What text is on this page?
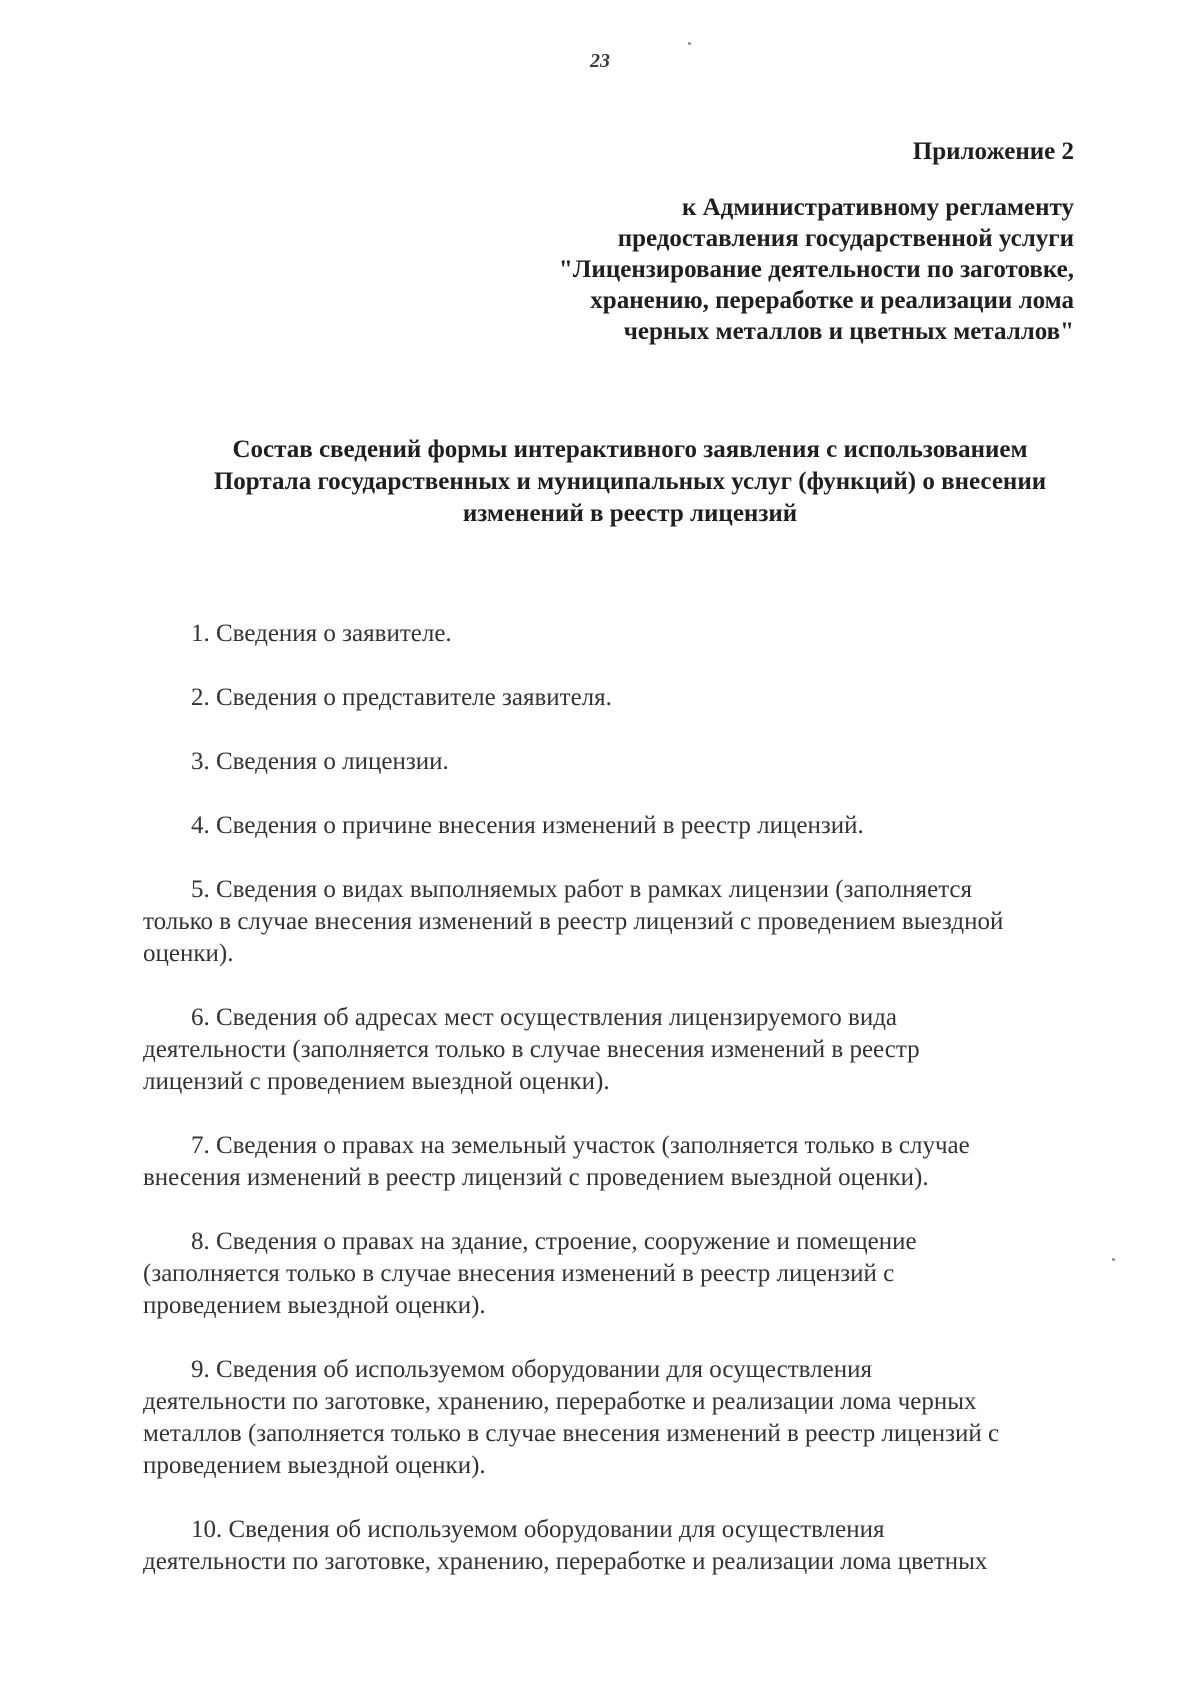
23
Приложение 2
к Административному регламенту
предоставления государственной услуги
"Лицензирование деятельности по заготовке,
хранению, переработке и реализации лома
черных металлов и цветных металлов"
Состав сведений формы интерактивного заявления с использованием
Портала государственных и муниципальных услуг (функций) о внесении
изменений в реестр лицензий
1. Сведения о заявителе.
2. Сведения о представителе заявителя.
3. Сведения о лицензии.
4. Сведения о причине внесения изменений в реестр лицензий.
5. Сведения о видах выполняемых работ в рамках лицензии (заполняется
только в случае внесения изменений в реестр лицензий с проведением выездной
оценки).
6. Сведения об адресах мест осуществления лицензируемого вида
деятельности (заполняется только в случае внесения изменений в реестр
лицензий с проведением выездной оценки).
7. Сведения о правах на земельный участок (заполняется только в случае
внесения изменений в реестр лицензий с проведением выездной оценки).
8. Сведения о правах на здание, строение, сооружение и помещение
(заполняется только в случае внесения изменений в реестр лицензий с
проведением выездной оценки).
9. Сведения об используемом оборудовании для осуществления
деятельности по заготовке, хранению, переработке и реализации лома черных
металлов (заполняется только в случае внесения изменений в реестр лицензий с
проведением выездной оценки).
10. Сведения об используемом оборудовании для осуществления
деятельности по заготовке, хранению, переработке и реализации лома цветных
